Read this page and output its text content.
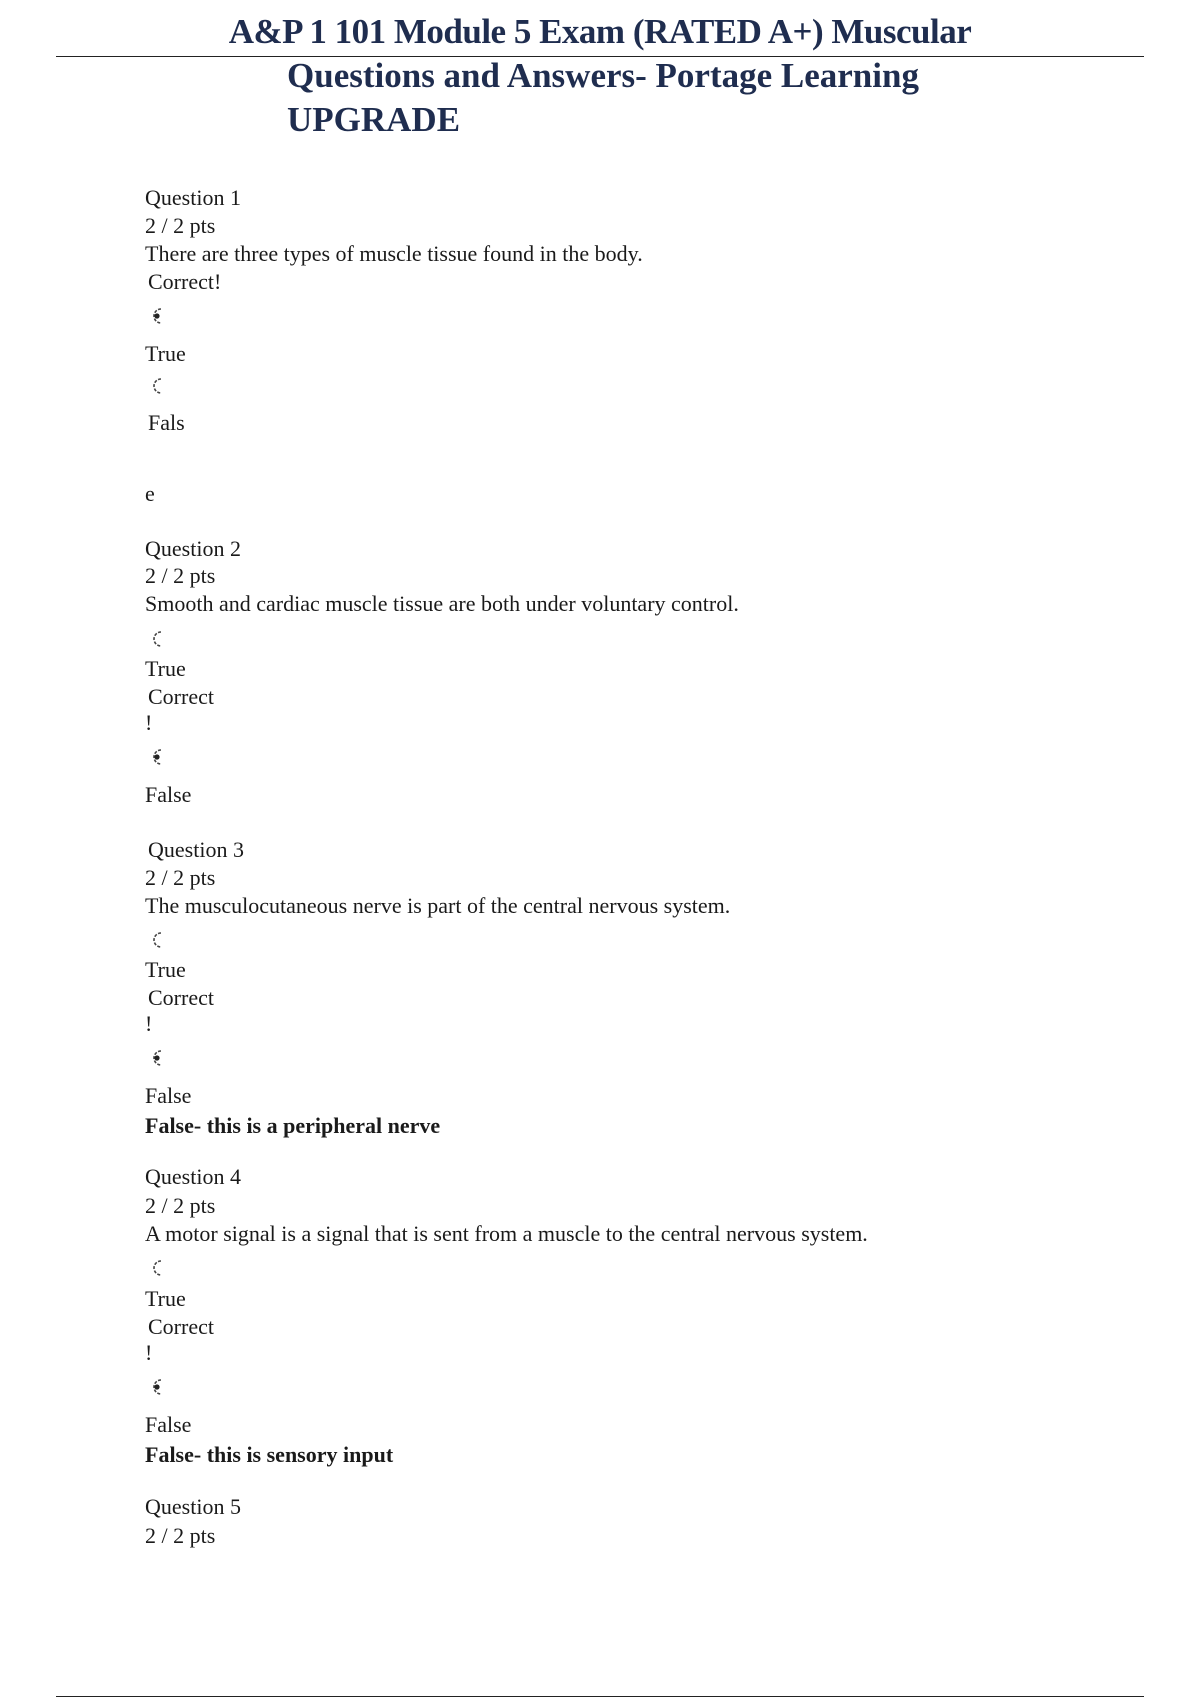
A&P 1 101 Module 5 Exam (RATED A+) Muscular
Questions and Answers- Portage Learning
UPGRADE
Question 1
2 / 2 pts
There are three types of muscle tissue found in the body.
Correct!
True
Fals
e
Question 2
2 / 2 pts
Smooth and cardiac muscle tissue are both under voluntary control.
True
Correct
!
False
Question 3
2 / 2 pts
The musculocutaneous nerve is part of the central nervous system.
True
Correct
!
False
False- this is a peripheral nerve
Question 4
2 / 2 pts
A motor signal is a signal that is sent from a muscle to the central nervous system.
True
Correct
!
False
False- this is sensory input
Question 5
2 / 2 pts
